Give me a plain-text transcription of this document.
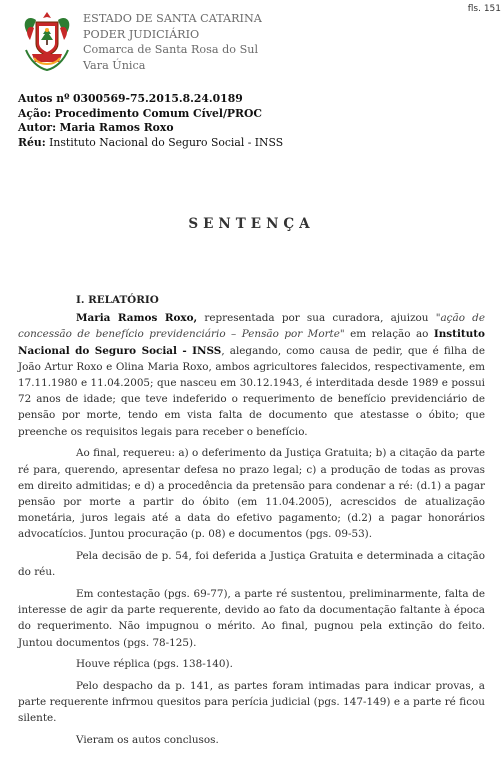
fls. 151
ESTADO DE SANTA CATARINA
PODER JUDICIÁRIO
Comarca de Santa Rosa do Sul
Vara Única
Autos nº 0300569-75.2015.8.24.0189
Ação: Procedimento Comum Cível/PROC
Autor: Maria Ramos Roxo
Réu: Instituto Nacional do Seguro Social - INSS
SENTENÇA
I. RELATÓRIO

Maria Ramos Roxo, representada por sua curadora, ajuizou "ação de concessão de benefício previdenciário – Pensão por Morte" em relação ao Instituto Nacional do Seguro Social - INSS, alegando, como causa de pedir, que é filha de João Artur Roxo e Olina Maria Roxo, ambos agricultores falecidos, respectivamente, em 17.11.1980 e 11.04.2005; que nasceu em 30.12.1943, é interditada desde 1989 e possui 72 anos de idade; que teve indeferido o requerimento de benefício previdenciário de pensão por morte, tendo em vista falta de documento que atestasse o óbito; que preenche os requisitos legais para receber o benefício.

Ao final, requereu: a) o deferimento da Justiça Gratuita; b) a citação da parte ré para, querendo, apresentar defesa no prazo legal; c) a produção de todas as provas em direito admitidas; e d) a procedência da pretensão para condenar a ré: (d.1) a pagar pensão por morte a partir do óbito (em 11.04.2005), acrescidos de atualização monetária, juros legais até a data do efetivo pagamento; (d.2) a pagar honorários advocatícios. Juntou procuração (p. 08) e documentos (pgs. 09-53).

Pela decisão de p. 54, foi deferida a Justiça Gratuita e determinada a citação do réu.

Em contestação (pgs. 69-77), a parte ré sustentou, preliminarmente, falta de interesse de agir da parte requerente, devido ao fato da documentação faltante à época do requerimento. Não impugnou o mérito. Ao final, pugnou pela extinção do feito. Juntou documentos (pgs. 78-125).

Houve réplica (pgs. 138-140).

Pelo despacho da p. 141, as partes foram intimadas para indicar provas, a parte requerente infrmou quesitos para perícia judicial (pgs. 147-149) e a parte ré ficou silente.

Vieram os autos conclusos.
